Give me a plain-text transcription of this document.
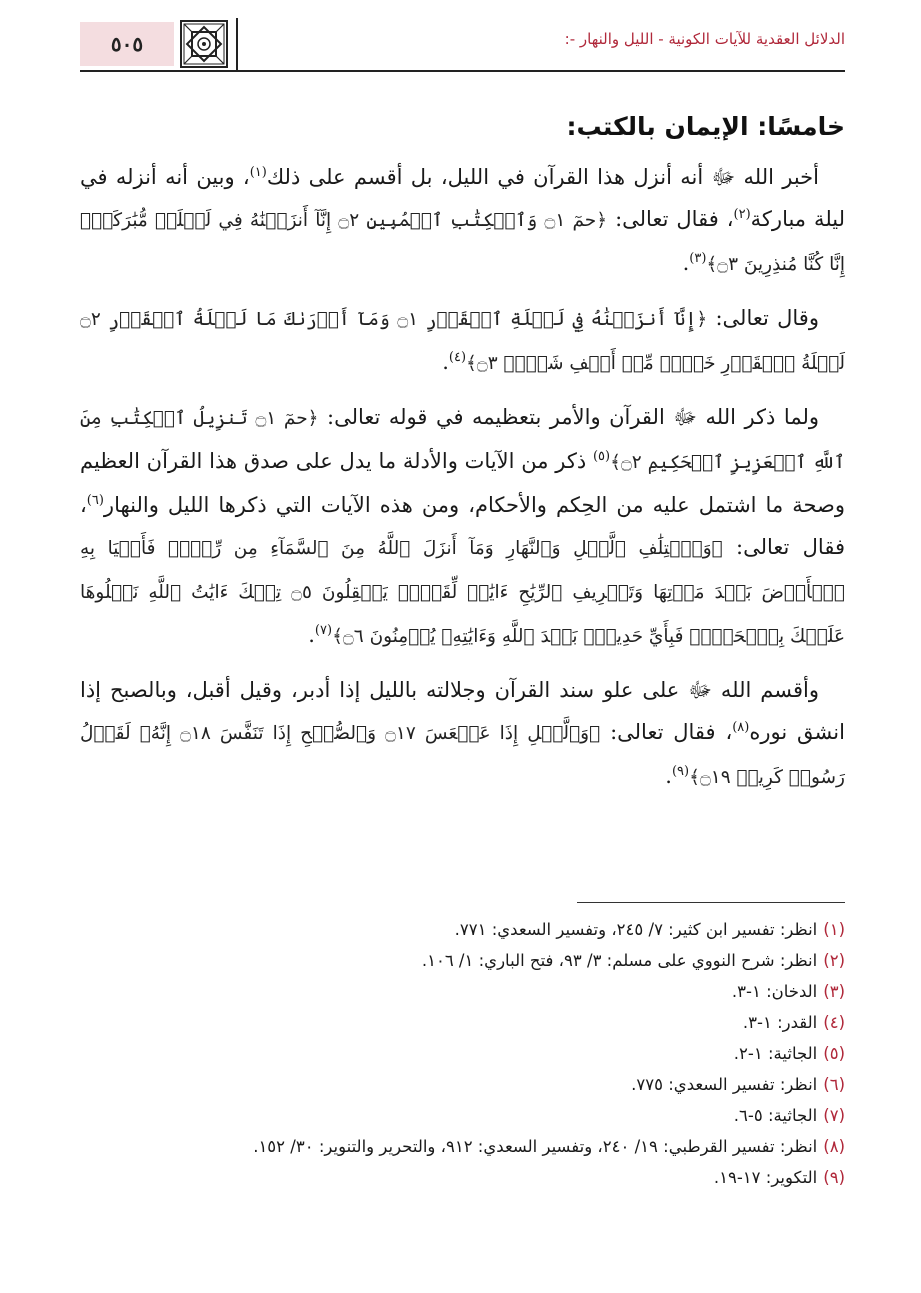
الدلائل العقدية للآيات الكونية - الليل والنهار -:
٥٠٥
خامسًا: الإيمان بالكتب:

أخبر الله ﷻ أنه أنزل هذا القرآن في الليل، بل أقسم على ذلك$^{(١)}$، وبين أنه أنزله في ليلة مباركة$^{(٢)}$، فقال تعالى: ﴿حمٓ ۝١ وَٱلۡكِتَٰبِ ٱلۡمُبِينِ ۝٢ إِنَّآ أَنزَلۡنَٰهُ فِي لَيۡلَةٖ مُّبَٰرَكَةٍۚ إِنَّا كُنَّا مُنذِرِينَ ۝٣﴾$^{(٣)}$.

وقال تعالى: ﴿إِنَّآ أَنزَلۡنَٰهُ فِي لَيۡلَةِ ٱلۡقَدۡرِ ۝١ وَمَآ أَدۡرَىٰكَ مَا لَيۡلَةُ ٱلۡقَدۡرِ ۝٢ لَيۡلَةُ ٱلۡقَدۡرِ خَيۡرٞ مِّنۡ أَلۡفِ شَهۡرٖ ۝٣﴾$^{(٤)}$.

ولما ذكر الله ﷻ القرآن والأمر بتعظيمه في قوله تعالى: ﴿حمٓ ۝١ تَنزِيلُ ٱلۡكِتَٰبِ مِنَ ٱللَّهِ ٱلۡعَزِيزِ ٱلۡحَكِيمِ ۝٢﴾$^{(٥)}$ ذكر من الآيات والأدلة ما يدل على صدق هذا القرآن العظيم وصحة ما اشتمل عليه من الحِكم والأحكام، ومن هذه الآيات التي ذكرها الليل والنهار$^{(٦)}$، فقال تعالى: ﴿وَٱخۡتِلَٰفِ ٱلَّيۡلِ وَٱلنَّهَارِ وَمَآ أَنزَلَ ٱللَّهُ مِنَ ٱلسَّمَآءِ مِن رِّزۡقٖ فَأَحۡيَا بِهِ ٱلۡأَرۡضَ بَعۡدَ مَوۡتِهَا وَتَصۡرِيفِ ٱلرِّيَٰحِ ءَايَٰتٞ لِّقَوۡمٖ يَعۡقِلُونَ ۝٥ تِلۡكَ ءَايَٰتُ ٱللَّهِ نَتۡلُوهَا عَلَيۡكَ بِٱلۡحَقِّۖ فَبِأَيِّ حَدِيثِۢ بَعۡدَ ٱللَّهِ وَءَايَٰتِهِۦ يُؤۡمِنُونَ ۝٦﴾$^{(٧)}$.

وأقسم الله ﷻ على علو سند القرآن وجلالته بالليل إذا أدبر، وقيل أقبل، وبالصبح إذا انشق نوره$^{(٨)}$، فقال تعالى: ﴿وَٱلَّيۡلِ إِذَا عَسۡعَسَ ۝١٧ وَٱلصُّبۡحِ إِذَا تَنَفَّسَ ۝١٨ إِنَّهُۥ لَقَوۡلُ رَسُولٖ كَرِيمٖ ۝١٩﴾$^{(٩)}$.

(١)انظر: تفسير ابن كثير: ٧/ ٢٤٥، وتفسير السعدي: ٧٧١.
(٢)انظر: شرح النووي على مسلم: ٣/ ٩٣، فتح الباري: ١/ ١٠٦.
(٣)الدخان: ١-٣.
(٤)القدر: ١-٣.
(٥)الجاثية: ١-٢.
(٦)انظر: تفسير السعدي: ٧٧٥.
(٧)الجاثية: ٥-٦.
(٨)انظر: تفسير القرطبي: ١٩/ ٢٤٠، وتفسير السعدي: ٩١٢، والتحرير والتنوير: ٣٠/ ١٥٢.
(٩)التكوير: ١٧-١٩.
